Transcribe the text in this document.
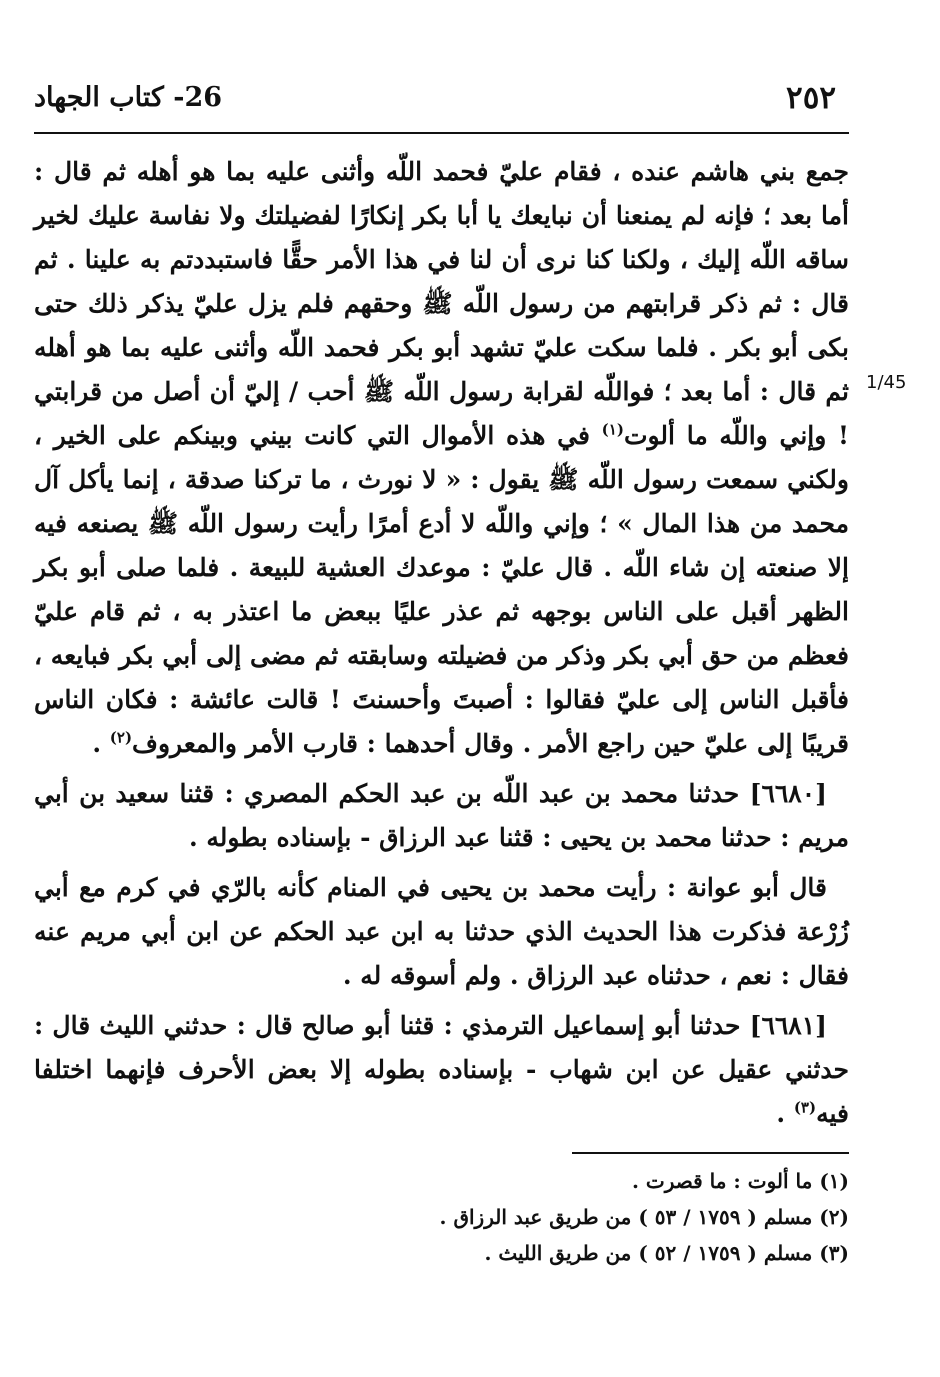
٢٥٢
26- كتاب الجهاد
1/45

جمع بني هاشم عنده ، فقام عليّ فحمد اللّه وأثنى عليه بما هو أهله ثم قال : أما بعد ؛ فإنه لم يمنعنا أن نبايعك يا أبا بكر إنكارًا لفضيلتك ولا نفاسة عليك لخير ساقه اللّه إليك ، ولكنا كنا نرى أن لنا في هذا الأمر حقًّا فاستبددتم به علينا . ثم قال : ثم ذكر قرابتهم من رسول اللّه ﷺ وحقهم فلم يزل عليّ يذكر ذلك حتى بكى أبو بكر . فلما سكت عليّ تشهد أبو بكر فحمد اللّه وأثنى عليه بما هو أهله ثم قال : أما بعد ؛ فواللّه لقرابة رسول اللّه ﷺ أحب / إليّ أن أصل من قرابتي ! وإني واللّه ما ألوت$^{(١)}$ في هذه الأموال التي كانت بيني وبينكم على الخير ، ولكني سمعت رسول اللّه ﷺ يقول : « لا نورث ، ما تركنا صدقة ، إنما يأكل آل محمد من هذا المال » ؛ وإني واللّه لا أدع أمرًا رأيت رسول اللّه ﷺ يصنعه فيه إلا صنعته إن شاء اللّه . قال عليّ : موعدك العشية للبيعة . فلما صلى أبو بكر الظهر أقبل على الناس بوجهه ثم عذر عليًا ببعض ما اعتذر به ، ثم قام عليّ فعظم من حق أبي بكر وذكر من فضيلته وسابقته ثم مضى إلى أبي بكر فبايعه ، فأقبل الناس إلى عليّ فقالوا : أصبتَ وأحسنتَ ! قالت عائشة : فكان الناس قريبًا إلى عليّ حين راجع الأمر . وقال أحدهما : قارب الأمر والمعروف$^{(٢)}$ .

[٦٦٨٠] حدثنا محمد بن عبد اللّه بن عبد الحكم المصري : قثنا سعيد بن أبي مريم : حدثنا محمد بن يحيى : قثنا عبد الرزاق - بإسناده بطوله .

قال أبو عوانة : رأيت محمد بن يحيى في المنام كأنه بالرّي في كرم مع أبي زُرْعة فذكرت هذا الحديث الذي حدثنا به ابن عبد الحكم عن ابن أبي مريم عنه فقال : نعم ، حدثناه عبد الرزاق . ولم أسوقه له .

[٦٦٨١] حدثنا أبو إسماعيل الترمذي : قثنا أبو صالح قال : حدثني الليث قال : حدثني عقيل عن ابن شهاب - بإسناده بطوله إلا بعض الأحرف فإنهما اختلفا فيه$^{(٣)}$ .

(١) ما ألوت : ما قصرت .
(٢) مسلم ( ١٧٥٩ / ٥٣ ) من طريق عبد الرزاق .
(٣) مسلم ( ١٧٥٩ / ٥٢ ) من طريق الليث .
